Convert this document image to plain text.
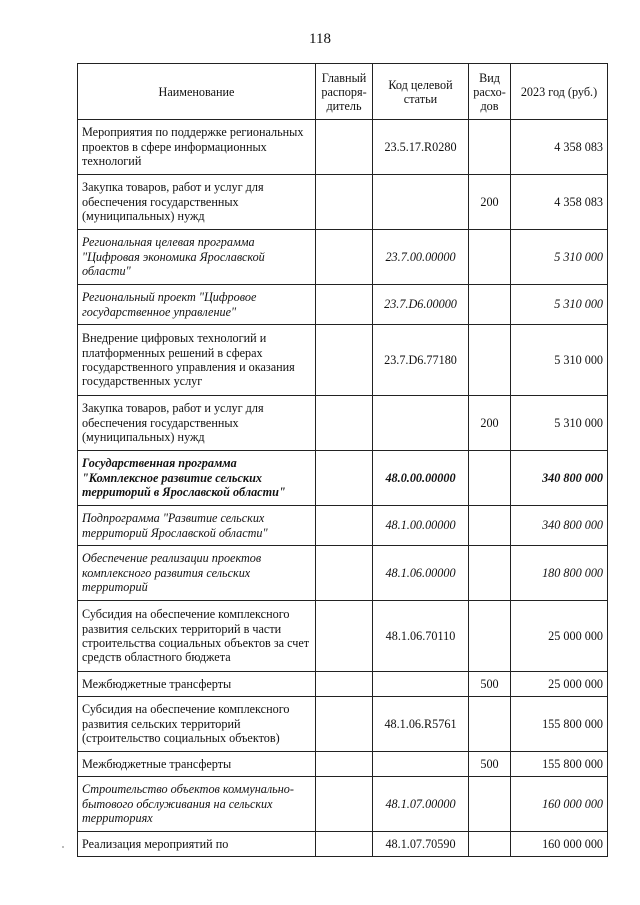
118
Наименование	Главный распоря-дитель	Код целевой статьи	Вид расхо-дов	2023 год (руб.)
Мероприятия по поддержке региональных проектов в сфере информационных технологий		23.5.17.R0280		4 358 083
Закупка товаров, работ и услуг для обеспечения государственных (муниципальных) нужд			200	4 358 083
Региональная целевая программа "Цифровая экономика Ярославской области"		23.7.00.00000		5 310 000
Региональный проект "Цифровое государственное управление"		23.7.D6.00000		5 310 000
Внедрение цифровых технологий и платформенных решений в сферах государственного управления и оказания государственных услуг		23.7.D6.77180		5 310 000
Закупка товаров, работ и услуг для обеспечения государственных (муниципальных) нужд			200	5 310 000
Государственная программа "Комплексное развитие сельских территорий в Ярославской области"		48.0.00.00000		340 800 000
Подпрограмма "Развитие сельских территорий Ярославской области"		48.1.00.00000		340 800 000
Обеспечение реализации проектов комплексного развития сельских территорий		48.1.06.00000		180 800 000
Субсидия на обеспечение комплексного развития сельских территорий в части строительства социальных объектов за счет средств областного бюджета		48.1.06.70110		25 000 000
Межбюджетные трансферты			500	25 000 000
Субсидия на обеспечение комплексного развития сельских территорий (строительство социальных объектов)		48.1.06.R5761		155 800 000
Межбюджетные трансферты			500	155 800 000
Строительство объектов коммунально-бытового обслуживания на сельских территориях		48.1.07.00000		160 000 000
Реализация мероприятий по		48.1.07.70590		160 000 000
